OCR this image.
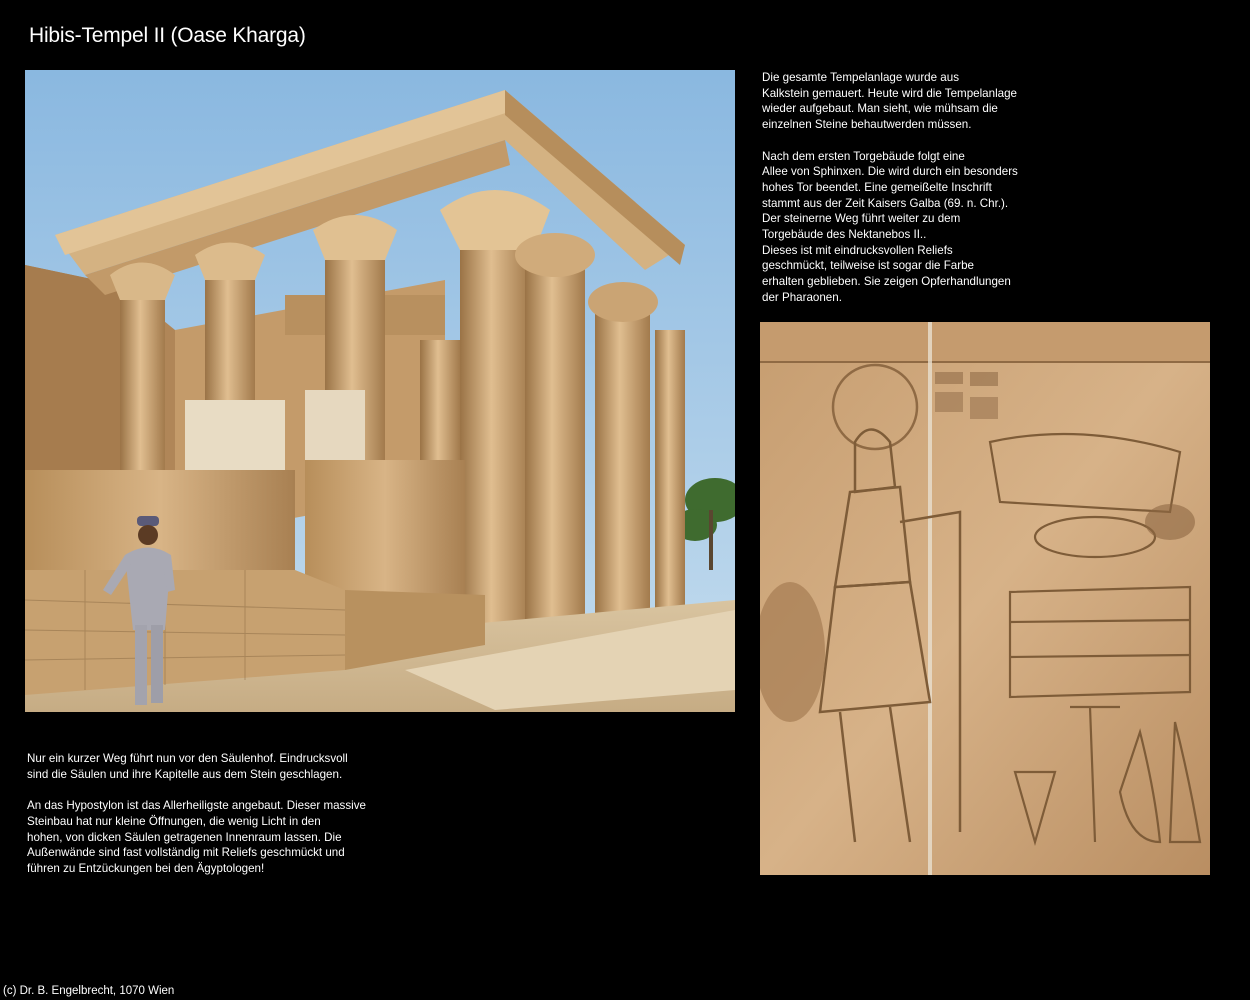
Hibis-Tempel II (Oase Kharga)

Die gesamte Tempelanlage wurde aus
Kalkstein gemauert. Heute wird die Tempelanlage
wieder aufgebaut. Man sieht, wie mühsam die
einzelnen Steine behautwerden müssen.

Nach dem ersten Torgebäude folgt eine
Allee von Sphinxen. Die wird durch ein besonders
hohes Tor beendet. Eine gemeißelte Inschrift
stammt aus der Zeit Kaisers Galba (69. n. Chr.).
Der steinerne Weg führt weiter zu dem
Torgebäude des Nektanebos II..
Dieses ist mit eindrucksvollen Reliefs
geschmückt, teilweise ist sogar die Farbe
erhalten geblieben. Sie zeigen Opferhandlungen
der Pharaonen.

Nur ein kurzer Weg führt nun vor den Säulenhof. Eindrucksvoll
sind die Säulen und ihre Kapitelle aus dem Stein geschlagen.

An das Hypostylon ist das Allerheiligste angebaut. Dieser massive
Steinbau hat nur kleine Öffnungen, die wenig Licht in den
hohen, von dicken Säulen getragenen Innenraum lassen. Die
Außenwände sind fast vollständig mit Reliefs geschmückt und
führen zu Entzückungen bei den Ägyptologen!

(c) Dr. B. Engelbrecht, 1070 Wien
